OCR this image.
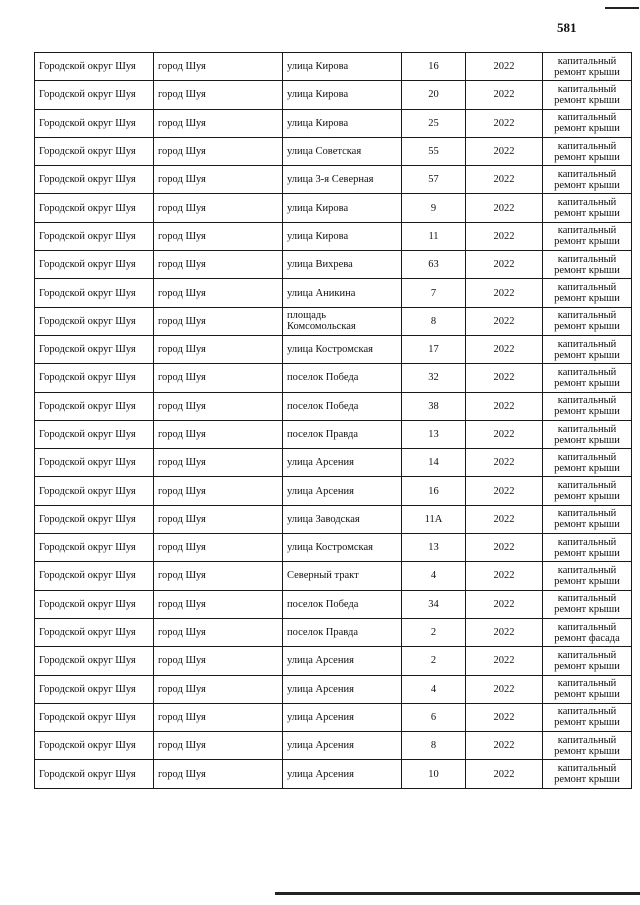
581
Городской округ Шуя	город Шуя	улица Кирова	16	2022	капитальный ремонт крыши
Городской округ Шуя	город Шуя	улица Кирова	20	2022	капитальный ремонт крыши
Городской округ Шуя	город Шуя	улица Кирова	25	2022	капитальный ремонт крыши
Городской округ Шуя	город Шуя	улица Советская	55	2022	капитальный ремонт крыши
Городской округ Шуя	город Шуя	улица 3-я Северная	57	2022	капитальный ремонт крыши
Городской округ Шуя	город Шуя	улица Кирова	9	2022	капитальный ремонт крыши
Городской округ Шуя	город Шуя	улица Кирова	11	2022	капитальный ремонт крыши
Городской округ Шуя	город Шуя	улица Вихрева	63	2022	капитальный ремонт крыши
Городской округ Шуя	город Шуя	улица Аникина	7	2022	капитальный ремонт крыши
Городской округ Шуя	город Шуя	площадь Комсомольская	8	2022	капитальный ремонт крыши
Городской округ Шуя	город Шуя	улица Костромская	17	2022	капитальный ремонт крыши
Городской округ Шуя	город Шуя	поселок Победа	32	2022	капитальный ремонт крыши
Городской округ Шуя	город Шуя	поселок Победа	38	2022	капитальный ремонт крыши
Городской округ Шуя	город Шуя	поселок Правда	13	2022	капитальный ремонт крыши
Городской округ Шуя	город Шуя	улица Арсения	14	2022	капитальный ремонт крыши
Городской округ Шуя	город Шуя	улица Арсения	16	2022	капитальный ремонт крыши
Городской округ Шуя	город Шуя	улица Заводская	11А	2022	капитальный ремонт крыши
Городской округ Шуя	город Шуя	улица Костромская	13	2022	капитальный ремонт крыши
Городской округ Шуя	город Шуя	Северный тракт	4	2022	капитальный ремонт крыши
Городской округ Шуя	город Шуя	поселок Победа	34	2022	капитальный ремонт крыши
Городской округ Шуя	город Шуя	поселок Правда	2	2022	капитальный ремонт фасада
Городской округ Шуя	город Шуя	улица Арсения	2	2022	капитальный ремонт крыши
Городской округ Шуя	город Шуя	улица Арсения	4	2022	капитальный ремонт крыши
Городской округ Шуя	город Шуя	улица Арсения	6	2022	капитальный ремонт крыши
Городской округ Шуя	город Шуя	улица Арсения	8	2022	капитальный ремонт крыши
Городской округ Шуя	город Шуя	улица Арсения	10	2022	капитальный ремонт крыши
